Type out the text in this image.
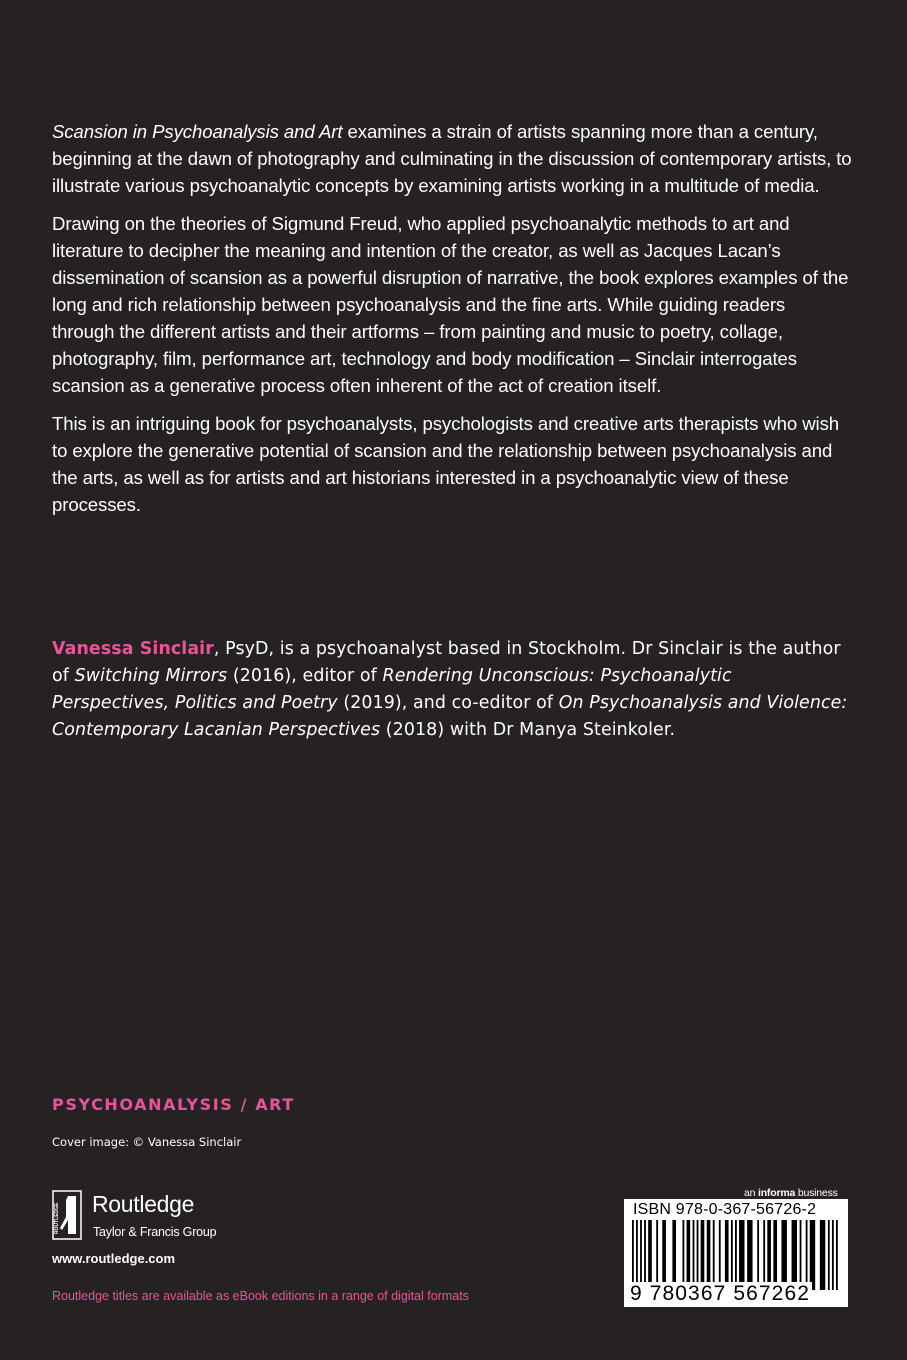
Scansion in Psychoanalysis and Art examines a strain of artists spanning more than a century, beginning at the dawn of photography and culminating in the discussion of contemporary artists, to illustrate various psychoanalytic concepts by examining artists working in a multitude of media.

Drawing on the theories of Sigmund Freud, who applied psychoanalytic methods to art and literature to decipher the meaning and intention of the creator, as well as Jacques Lacan’s dissemination of scansion as a powerful disruption of narrative, the book explores examples of the long and rich relationship between psychoanalysis and the fine arts. While guiding readers through the different artists and their artforms – from painting and music to poetry, collage, photography, film, performance art, technology and body modification – Sinclair interrogates scansion as a generative process often inherent of the act of creation itself.

This is an intriguing book for psychoanalysts, psychologists and creative arts therapists who wish to explore the generative potential of scansion and the relationship between psychoanalysis and the arts, as well as for artists and art historians interested in a psychoanalytic view of these processes.

Vanessa Sinclair, PsyD, is a psychoanalyst based in Stockholm. Dr Sinclair is the author of Switching Mirrors (2016), editor of Rendering Unconscious: Psychoanalytic Perspectives, Politics and Poetry (2019), and co-editor of On Psychoanalysis and Violence: Contemporary Lacanian Perspectives (2018) with Dr Manya Steinkoler.
PSYCHOANALYSIS / ART
Cover image: © Vanessa Sinclair
ROUTLEDGE Routledge
Taylor & Francis Group
www.routledge.com
Routledge titles are available as eBook editions in a range of digital formats
an informa business
ISBN 978-0-367-56726-2
9 780367 567262
